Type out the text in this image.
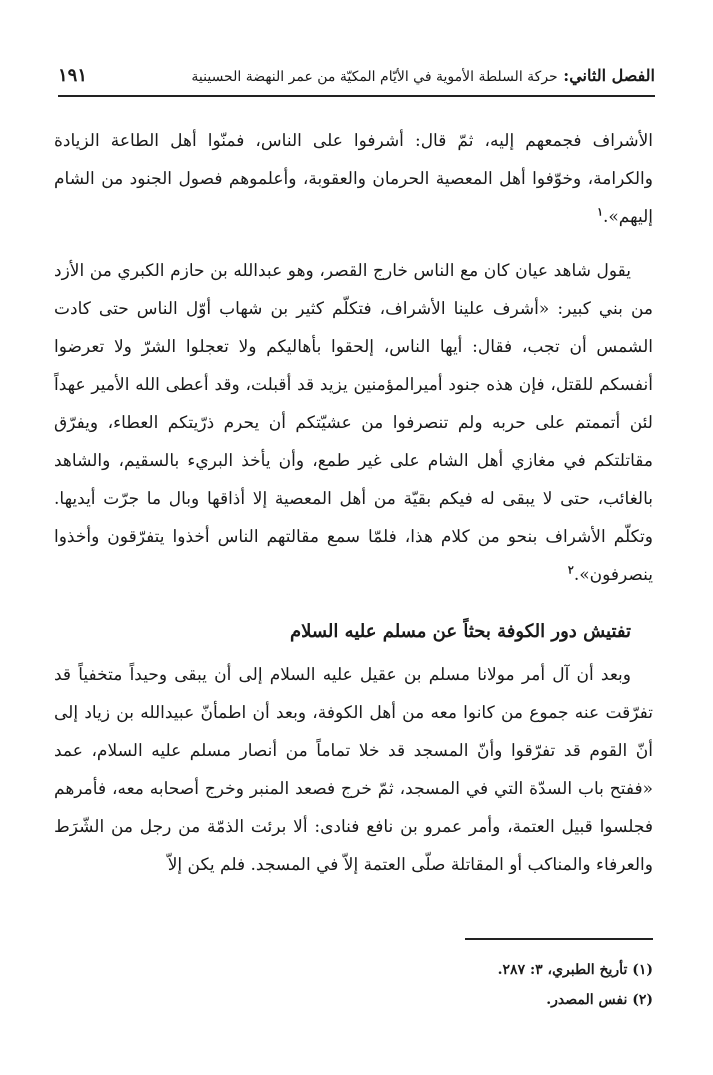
الفصل الثاني: حركة السلطة الأموية في الأيّام المكيّة من عمر النهضة الحسينية
١٩١

الأشراف فجمعهم إليه، ثمّ قال: أشرفوا على الناس، فمنّوا أهل الطاعة الزيادة والكرامة، وخوّفوا أهل المعصية الحرمان والعقوبة، وأعلموهم فصول الجنود من الشام إليهم».$^١$

يقول شاهد عيان كان مع الناس خارج القصر، وهو عبدالله بن حازم الكبري من الأزد من بني كبير: «أشرف علينا الأشراف، فتكلّم كثير بن شهاب أوّل الناس حتى كادت الشمس أن تجب، فقال: أيها الناس، إلحقوا بأهاليكم ولا تعجلوا الشرّ ولا تعرضوا أنفسكم للقتل، فإن هذه جنود أميرالمؤمنين يزيد قد أقبلت، وقد أعطى الله الأمير عهداً لئن أتممتم على حربه ولم تنصرفوا من عشيّتكم أن يحرم ذرّيتكم العطاء، ويفرّق مقاتلتكم في مغازي أهل الشام على غير طمع، وأن يأخذ البريء بالسقيم، والشاهد بالغائب، حتى لا يبقى له فيكم بقيّة من أهل المعصية إلا أذاقها وبال ما جرّت أيديها. وتكلّم الأشراف بنحو من كلام هذا، فلمّا سمع مقالتهم الناس أخذوا يتفرّقون وأخذوا ينصرفون».$^٢$

تفتيش دور الكوفة بحثاً عن مسلم عليه السلام

وبعد أن آل أمر مولانا مسلم بن عقيل عليه السلام إلى أن يبقى وحيداً متخفياً قد تفرّقت عنه جموع من كانوا معه من أهل الكوفة، وبعد أن اطمأنّ عبيدالله بن زياد إلى أنّ القوم قد تفرّقوا وأنّ المسجد قد خلا تماماً من أنصار مسلم عليه السلام، عمد «ففتح باب السدّة التي في المسجد، ثمّ خرج فصعد المنبر وخرج أصحابه معه، فأمرهم فجلسوا قبيل العتمة، وأمر عمرو بن نافع فنادى: ألا برئت الذمّة من رجل من الشّرَط والعرفاء والمناكب أو المقاتلة صلّى العتمة إلاّ في المسجد. فلم يكن إلاّ

(١) تأريخ الطبري، ٣: ٢٨٧.
(٢) نفس المصدر.
